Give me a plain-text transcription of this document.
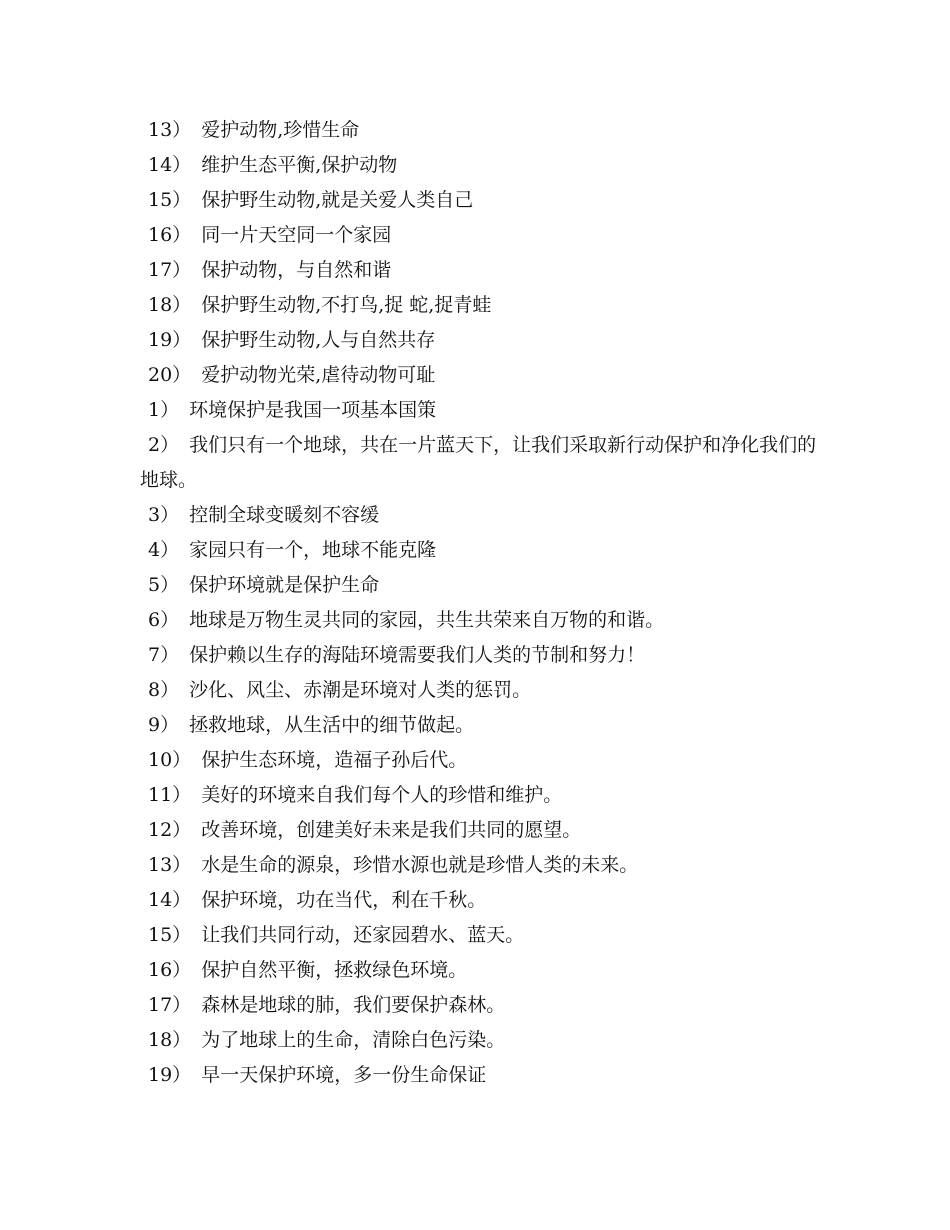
13） 爱护动物,珍惜生命
14） 维护生态平衡,保护动物
15） 保护野生动物,就是关爱人类自己
16） 同一片天空同一个家园
17） 保护动物，与自然和谐
18） 保护野生动物,不打鸟,捉 蛇,捉青蛙
19） 保护野生动物,人与自然共存
20） 爱护动物光荣,虐待动物可耻
1） 环境保护是我国一项基本国策
2） 我们只有一个地球，共在一片蓝天下，让我们采取新行动保护和净化我们的地球。
3） 控制全球变暖刻不容缓
4） 家园只有一个，地球不能克隆
5） 保护环境就是保护生命
6） 地球是万物生灵共同的家园，共生共荣来自万物的和谐。
7） 保护赖以生存的海陆环境需要我们人类的节制和努力！
8） 沙化、风尘、赤潮是环境对人类的惩罚。
9） 拯救地球，从生活中的细节做起。
10） 保护生态环境，造福子孙后代。
11） 美好的环境来自我们每个人的珍惜和维护。
12） 改善环境，创建美好未来是我们共同的愿望。
13） 水是生命的源泉，珍惜水源也就是珍惜人类的未来。
14） 保护环境，功在当代，利在千秋。
15） 让我们共同行动，还家园碧水、蓝天。
16） 保护自然平衡，拯救绿色环境。
17） 森林是地球的肺，我们要保护森林。
18） 为了地球上的生命，清除白色污染。
19） 早一天保护环境，多一份生命保证
